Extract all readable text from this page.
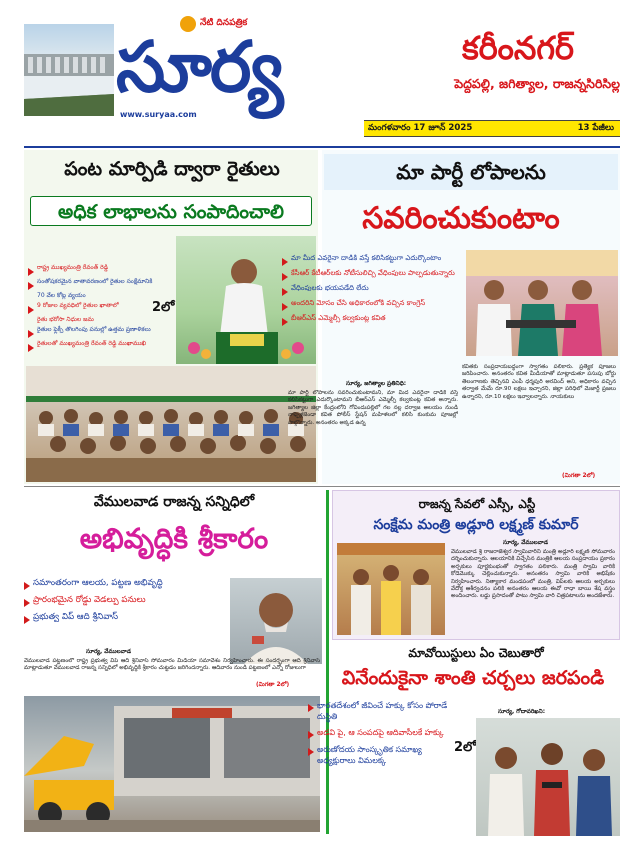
నేటి దినపత్రిక
సూర్య
www.suryaa.com
కరీంనగర్
పెద్దపల్లి, జగిత్యాల, రాజన్నసిరిసిల్ల
మంగళవారం 17 జూన్ 2025	13 పేజీలు
పంట మార్పిడి ద్వారా రైతులు
అధిక లాభాలను సంపాదించాలి
రాష్ట్ర ముఖ్యమంత్రి రేవంత్ రెడ్డి
సంతోషకరమైన వాతావరణంలో రైతుల సంక్షేమానికి
70 వేల కోట్ల వ్యయం
9 రోజుల వ్యవధిలో రైతుల ఖాతాలో
రైతు భరోసా నిధుల జమ
రైతుల ఫ్లెక్సీ తొలగింపు పనుల్లో ఉత్తమ ప్రణాళికలు
రైతులతో ముఖ్యమంత్రి రేవంత్ రెడ్డి ముఖాముఖి
2లో
మా పార్టీ లోపాలను
సవరించుకుంటాం
మా మీద ఎవరైనా దాడికి వస్తే కలిసికట్టుగా ఎదుర్కొంటాం
కేసీఆర్ కేటీఆర్‌లకు నోటీసులిచ్చి వేధింపులు పాల్పడుతున్నారు
వేధింపులకు భయపడేది లేదు
అందరిని మోసం చేసి అధికారంలోకి వచ్చిన కాంగ్రెస్
బీఆర్ఎస్ ఎమ్మెల్సీ కల్వకుంట్ల కవిత
సూర్య, జగిత్యాల ప్రతినిధి:
మా పార్టీ లోపాలను సవరించుకుంటామని, మా మీద ఎవరైనా దాడికి వస్తే కలిసికట్టుగా ఎదుర్కొంటామని బీఆర్ఎస్ ఎమ్మెల్సీ కల్వకుంట్ల కవిత అన్నారు. జగిత్యాల జిల్లా కేంద్రంలోని గోవిందుపల్లిలో గల నల్ల దర్వాజ అలయం నుండి నాఫ్ఫెళ్లజెండా కవిత పోలీస్ స్టేషన్ మహిళలలో కలిసి కుంకుమ పూజల్లో పాల్గొన్నారు. అనంతరం అక్కడ ఉన్న
కవితకు సంప్రదాయబద్ధంగా స్వాగతం పలికారు. ప్రత్యేక పూజలు జరిపించారు. అనంతరం కవిత మీడియాతో మాట్లాడుతూ పసుపు బోర్డు తెలంగాణకు తెచ్చినవి ఎంపీ ధర్మపురి అరవింద్ అని, అధికారం వచ్చిన తర్వాత మేమే రూ.90 లక్షలు ఇచ్చారని, జిల్లా పరిధిలో మెజార్టీ ప్రజలు ఉన్నారని, రూ.10 లక్షలు ఇవ్వాలన్నారు. నాయకులు
(మిగతా 2లో)
వేములవాడ రాజన్న సన్నిధిలో
అభివృద్ధికి శ్రీకారం
సమాంతరంగా ఆలయ, పట్టణ అభివృద్ధి
ప్రారంభమైన రోడ్డు వెడల్పు పనులు
ప్రభుత్వ విప్ ఆది శ్రీనివాస్
సూర్య, వేములవాడ
వేములవాడ పట్టణంలో రాష్ట్ర ప్రభుత్వ విప్ ఆది శ్రీనివాస్ సోమవారం మీడియా సమావేశం నిర్వహించారు. ఈ సందర్భంగా ఆది శ్రీనివాస్ మాట్లాడుతూ వేములవాడ రాజన్న సన్నిధిలో అభివృద్ధికి శ్రీకారం చుట్టడం జరిగిందన్నారు. ఆదివారం నుండి పట్టణంలో ఎన్నో రోజులుగా
(మిగతా 2లో)
రాజన్న సేవలో ఎస్సీ, ఎస్టీ
సంక్షేమ మంత్రి అడ్లూరి లక్ష్మణ్ కుమార్
సూర్య, వేములవాడ
వేములవాడ శ్రీ రాజరాజేశ్వర స్వామివారిని మంత్రి అడ్లూరి లక్ష్మణ్ సోమవారం దర్శించుకున్నారు. ఆలయానికి విచ్చేసిన మంత్రికి ఆలయ సంప్రదాయం ప్రకారం అర్చకులు పూర్ణకుంభంతో స్వాగతం పలికారు. మంత్రి స్వామి వారికి కోడెమొక్కు చెల్లించుకున్నారు. అనంతరం స్వామి వారికి అభిషేకం నిర్వహించారు. నిత్యాకార మండపంలో మంత్రి, విప్‌లకు ఆలయ అర్చకులు వేదోక్త ఆశీర్వచనం పలికి అనంతరం ఆలయ ఈవో రాధా బాయి శేష వస్త్రం అందించారు. లడ్డు ప్రసాదంతో పాటు స్వామి వారి చిత్రపటాలను అందజేశారు.
మావోయిస్టులు ఏం చెబుతారో
వినేందుకైనా శాంతి చర్చలు జరపండి
భారతదేశంలో జీవించే హక్కు కోసం పోరాడే దుస్థితి
అడవి పై, ఆ సంపదపై ఆదివాసీలకే హక్కు
అరుణోదయ సాంస్కృతిక సమాఖ్య అధ్యక్షురాలు విమలక్క
2లో
సూర్య, గోదావరిఖని:
